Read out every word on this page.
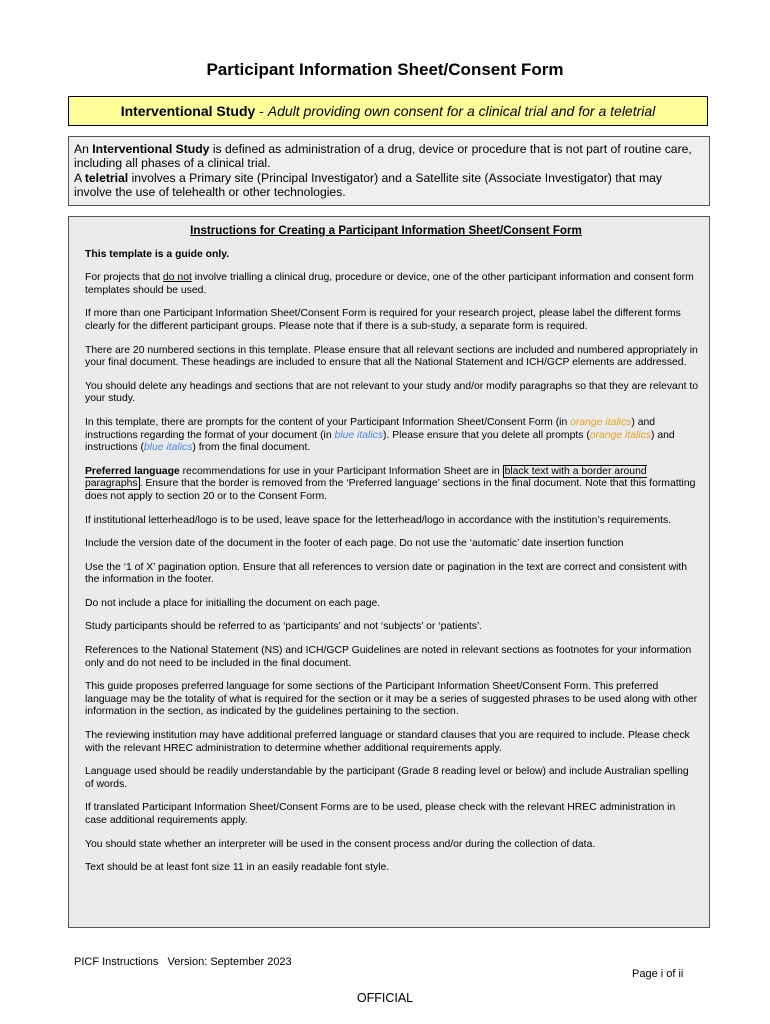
Participant Information Sheet/Consent Form
Interventional Study - Adult providing own consent for a clinical trial and for a teletrial

An Interventional Study is defined as administration of a drug, device or procedure that is not part of routine care, including all phases of a clinical trial.

A teletrial involves a Primary site (Principal Investigator) and a Satellite site (Associate Investigator) that may involve the use of telehealth or other technologies.

Instructions for Creating a Participant Information Sheet/Consent Form
This template is a guide only.
For projects that do not involve trialling a clinical drug, procedure or device, one of the other participant information and consent form templates should be used.
If more than one Participant Information Sheet/Consent Form is required for your research project, please label the different forms clearly for the different participant groups. Please note that if there is a sub-study, a separate form is required.
There are 20 numbered sections in this template. Please ensure that all relevant sections are included and numbered appropriately in your final document. These headings are included to ensure that all the National Statement and ICH/GCP elements are addressed.
You should delete any headings and sections that are not relevant to your study and/or modify paragraphs so that they are relevant to your study.
In this template, there are prompts for the content of your Participant Information Sheet/Consent Form (in orange italics) and instructions regarding the format of your document (in blue italics). Please ensure that you delete all prompts (orange italics) and instructions (blue italics) from the final document.
Preferred language recommendations for use in your Participant Information Sheet are in black text with a border around paragraphs . Ensure that the border is removed from the ‘Preferred language’ sections in the final document. Note that this formatting does not apply to section 20 or to the Consent Form.
If institutional letterhead/logo is to be used, leave space for the letterhead/logo in accordance with the institution’s requirements.
Include the version date of the document in the footer of each page. Do not use the ‘automatic’ date insertion function
Use the ‘1 of X’ pagination option. Ensure that all references to version date or pagination in the text are correct and consistent with the information in the footer.
Do not include a place for initialling the document on each page.
Study participants should be referred to as ‘participants’ and not ‘subjects’ or ‘patients’.
References to the National Statement (NS) and ICH/GCP Guidelines are noted in relevant sections as footnotes for your information only and do not need to be included in the final document.
This guide proposes preferred language for some sections of the Participant Information Sheet/Consent Form. This preferred language may be the totality of what is required for the section or it may be a series of suggested phrases to be used along with other information in the section, as indicated by the guidelines pertaining to the section.
The reviewing institution may have additional preferred language or standard clauses that you are required to include. Please check with the relevant HREC administration to determine whether additional requirements apply.
Language used should be readily understandable by the participant (Grade 8 reading level or below) and include Australian spelling of words.
If translated Participant Information Sheet/Consent Forms are to be used, please check with the relevant HREC administration in case additional requirements apply.
You should state whether an interpreter will be used in the consent process and/or during the collection of data.
Text should be at least font size 11 in an easily readable font style.
PICF Instructions Version: September 2023
Page i of ii
OFFICIAL
